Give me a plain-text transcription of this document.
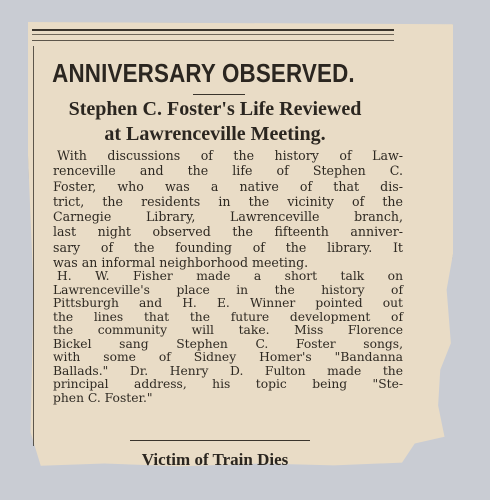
ANNIVERSARY OBSERVED.
Stephen C. Foster's Life Reviewed
at Lawrenceville Meeting.
With discussions of the history of Law-
renceville and the life of Stephen C.
Foster, who was a native of that dis-
trict, the residents in the vicinity of the
Carnegie Library, Lawrenceville branch,
last night observed the fifteenth anniver-
sary of the founding of the library. It
was an informal neighborhood meeting.
H. W. Fisher made a short talk on
Lawrenceville's place in the history of
Pittsburgh and H. E. Winner pointed out
the lines that the future development of
the community will take. Miss Florence
Bickel sang Stephen C. Foster songs,
with some of Sidney Homer's "Bandanna
Ballads." Dr. Henry D. Fulton made the
principal address, his topic being "Ste-
phen C. Foster."
Victim of Train Dies
